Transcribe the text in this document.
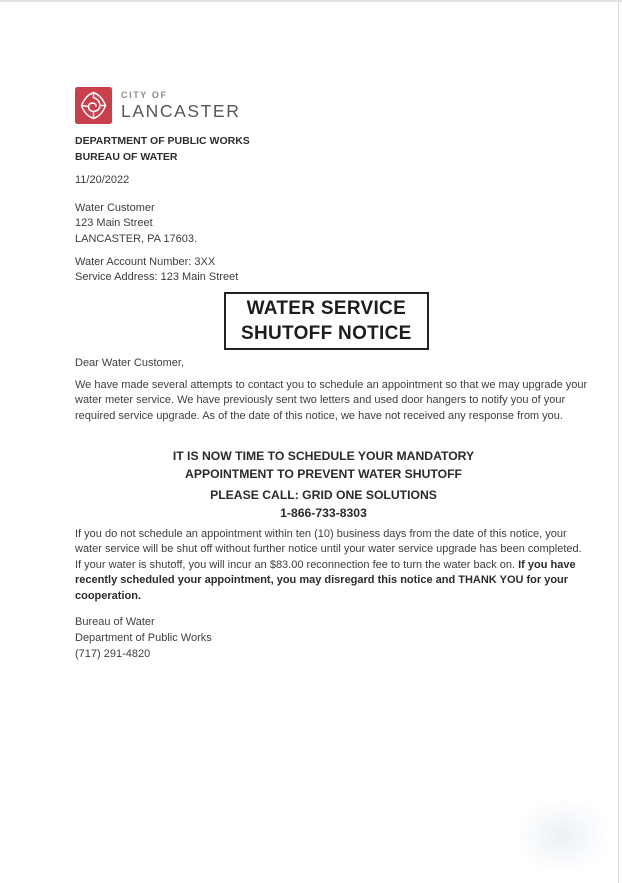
CITY OF
LANCASTER
DEPARTMENT OF PUBLIC WORKS
BUREAU OF WATER
11/20/2022
Water Customer
123 Main Street
LANCASTER, PA 17603.
Water Account Number: 3XX
Service Address: 123 Main Street
WATER SERVICE
SHUTOFF NOTICE
Dear Water Customer,

We have made several attempts to contact you to schedule an appointment so that we may upgrade your water meter service. We have previously sent two letters and used door hangers to notify you of your required service upgrade. As of the date of this notice, we have not received any response from you.

IT IS NOW TIME TO SCHEDULE YOUR MANDATORY
APPOINTMENT TO PREVENT WATER SHUTOFF
PLEASE CALL: GRID ONE SOLUTIONS
1-866-733-8303

If you do not schedule an appointment within ten (10) business days from the date of this notice, your water service will be shut off without further notice until your water service upgrade has been completed. If your water is shutoff, you will incur an $83.00 reconnection fee to turn the water back on. If you have recently scheduled your appointment, you may disregard this notice and THANK YOU for your cooperation.

Bureau of Water
Department of Public Works
(717) 291-4820
